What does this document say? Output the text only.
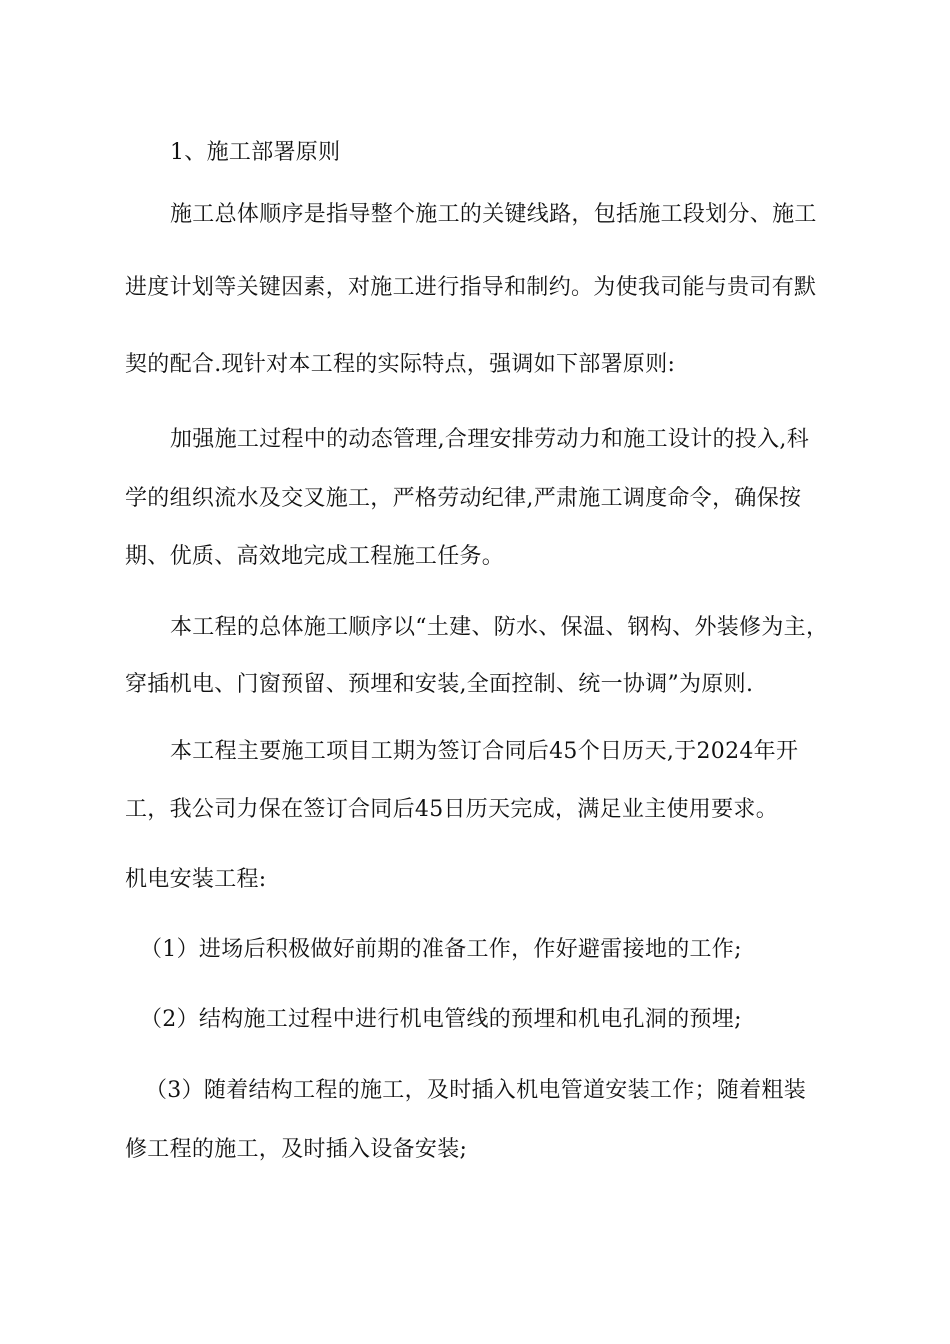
1、施工部署原则
施工总体顺序是指导整个施工的关键线路，包括施工段划分、施工
进度计划等关键因素，对施工进行指导和制约。为使我司能与贵司有默
契的配合.现针对本工程的实际特点，强调如下部署原则:
加强施工过程中的动态管理,合理安排劳动力和施工设计的投入,科
学的组织流水及交叉施工，严格劳动纪律,严肃施工调度命令，确保按
期、优质、高效地完成工程施工任务。
本工程的总体施工顺序以“土建、防水、保温、钢构、外装修为主，
穿插机电、门窗预留、预埋和安装,全面控制、统一协调”为原则.
本工程主要施工项目工期为签订合同后45个日历天,于2024年开
工，我公司力保在签订合同后45日历天完成，满足业主使用要求。
机电安装工程:
（1）进场后积极做好前期的准备工作，作好避雷接地的工作;
（2）结构施工过程中进行机电管线的预埋和机电孔洞的预埋;
（3）随着结构工程的施工，及时插入机电管道安装工作；随着粗装
修工程的施工，及时插入设备安装;
